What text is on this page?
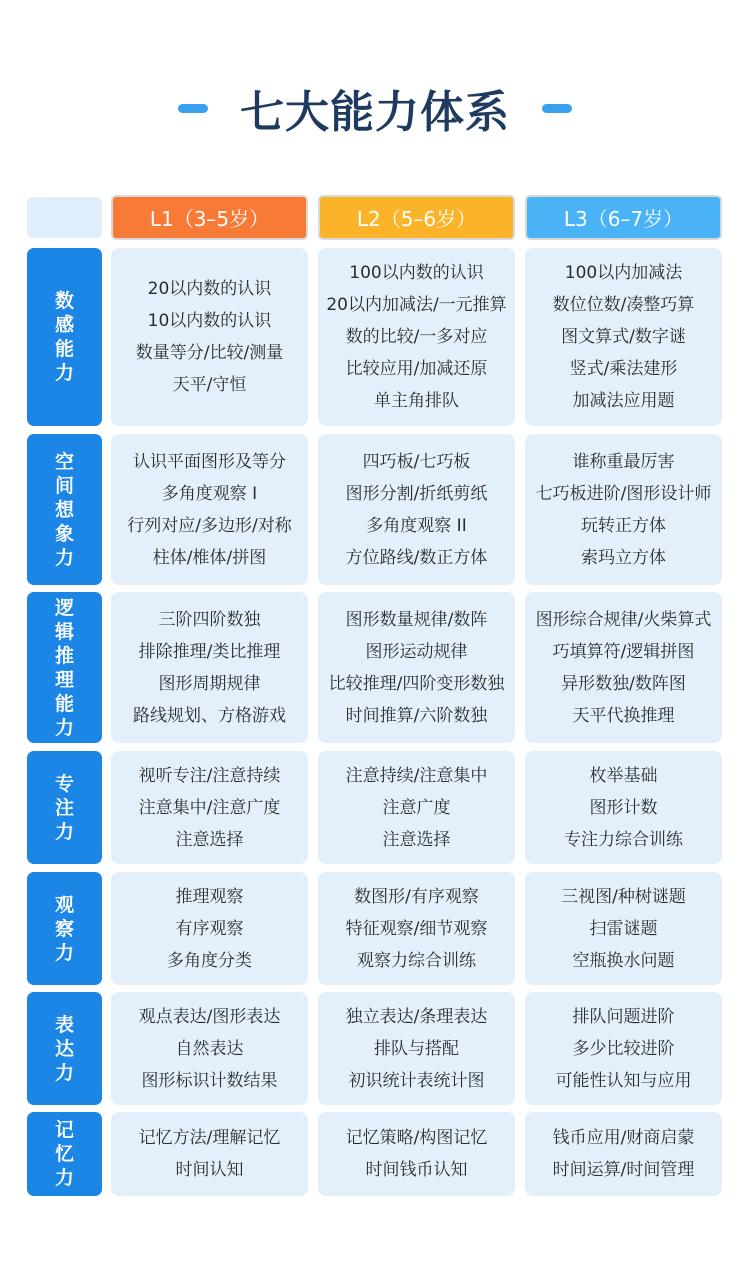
七大能力体系
L1（3–5岁）	L2（5–6岁）	L3（6–7岁）
数
感
能
力
20以内数的认识
10以内数的认识
数量等分/比较/测量
天平/守恒
100以内数的认识
20以内加减法/一元推算
数的比较/一多对应
比较应用/加减还原
单主角排队
100以内加减法
数位位数/凑整巧算
图文算式/数字谜
竖式/乘法建形
加减法应用题
空
间
想
象
力
认识平面图形及等分
多角度观察 I
行列对应/多边形/对称
柱体/椎体/拼图
四巧板/七巧板
图形分割/折纸剪纸
多角度观察 II
方位路线/数正方体
谁称重最厉害
七巧板进阶/图形设计师
玩转正方体
索玛立方体
逻
辑
推
理
能
力
三阶四阶数独
排除推理/类比推理
图形周期规律
路线规划、方格游戏
图形数量规律/数阵
图形运动规律
比较推理/四阶变形数独
时间推算/六阶数独
图形综合规律/火柴算式
巧填算符/逻辑拼图
异形数独/数阵图
天平代换推理
专
注
力
视听专注/注意持续
注意集中/注意广度
注意选择
注意持续/注意集中
注意广度
注意选择
枚举基础
图形计数
专注力综合训练
观
察
力
推理观察
有序观察
多角度分类
数图形/有序观察
特征观察/细节观察
观察力综合训练
三视图/种树谜题
扫雷谜题
空瓶换水问题
表
达
力
观点表达/图形表达
自然表达
图形标识计数结果
独立表达/条理表达
排队与搭配
初识统计表统计图
排队问题进阶
多少比较进阶
可能性认知与应用
记
忆
力
记忆方法/理解记忆
时间认知
记忆策略/构图记忆
时间钱币认知
钱币应用/财商启蒙
时间运算/时间管理
